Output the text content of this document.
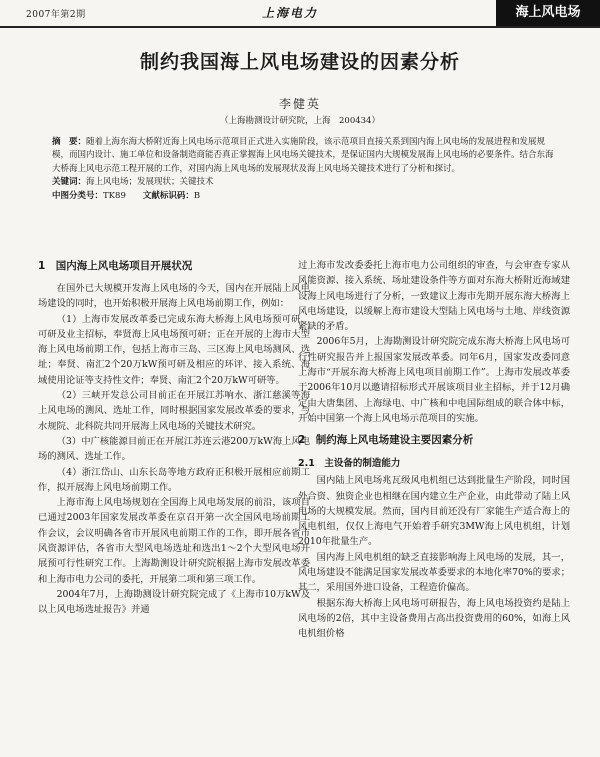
2007年第2期	上海电力	海上风电场
制约我国海上风电场建设的因素分析
李健英
（上海勘测设计研究院，上海　200434）
摘　要：随着上海东海大桥附近海上风电场示范项目正式进入实施阶段，该示范项目直接关系到国内海上风电场的发展进程和发展规模，而国内设计、施工单位和设备制造商能否真正掌握海上风电场关键技术，是保证国内大规模发展海上风电场的必要条件。结合东海大桥海上风电示范工程开展的工作，对国内海上风电场的发展现状及海上风电场关键技术进行了分析和探讨。
关键词：海上风电场；发展现状；关键技术
中图分类号：TK89　　 文献标识码：B
1　国内海上风电场项目开展状况

在国外已大规模开发海上风电场的今天，国内在开展陆上风电场建设的同时，也开始积极开展海上风电场前期工作，例如：

（1）上海市发展改革委已完成东海大桥海上风电场预可研、可研及业主招标，奉贤海上风电场预可研；正在开展的上海市大型海上风电场前期工作，包括上海市三岛、三区海上风电场测风、选址；奉贤、南汇2个20万kW预可研及相应的环评、接入系统、海域使用论证等支持性文件；奉贤、南汇2个20万kW可研等。

（2）三峡开发总公司目前正在开展江苏响水、浙江慈溪等海上风电场的测风、选址工作，同时根据国家发展改革委的要求，与水规院、北科院共同开展海上风电场的关键技术研究。

（3）中广核能源目前正在开展江苏连云港200万kW海上风电场的测风、选址工作。

（4）浙江岱山、山东长岛等地方政府正积极开展相应前期工作，拟开展海上风电场前期工作。

上海市海上风电场规划在全国海上风电场发展的前沿，该项目已通过2003年国家发展改革委在京召开第一次全国风电场前期工作会议，会议明确各省市开展风电前期工作的工作，即开展各省市风资源评估，各省市大型风电场选址和选出1～2个大型风电场开展预可行性研究工作。上海勘测设计研究院根据上海市发展改革委和上海市电力公司的委托，开展第二项和第三项工作。

2004年7月，上海勘测设计研究院完成了《上海市10万kW及以上风电场选址报告》并通

过上海市发改委委托上海市电力公司组织的审查，与会审查专家从风能资源、接入系统、场址建设条件等方面对东海大桥附近海域建设海上风电场进行了分析，一致建议上海市先期开展东海大桥海上风电场建设，以缓解上海市建设大型陆上风电场与土地、岸线资源紧缺的矛盾。

2006年5月，上海勘测设计研究院完成东海大桥海上风电场可行性研究报告并上报国家发展改革委。同年6月，国家发改委同意上海市“开展东海大桥海上风电项目前期工作”。上海市发展改革委于2006年10月以邀请招标形式开展该项目业主招标，并于12月确定由大唐集团、上海绿电、中广核和中电国际组成的联合体中标，开始中国第一个海上风电场示范项目的实施。

2　制约海上风电场建设主要因素分析
2.1　主设备的制造能力

国内陆上风电场兆瓦级风电机组已达到批量生产阶段，同时国外合资、独资企业也相继在国内建立生产企业，由此带动了陆上风电场的大规模发展。然而，国内目前还没有厂家能生产适合海上的风电机组，仅仅上海电气开始着手研究3MW海上风电机组，计划2010年批量生产。

国内海上风电机组的缺乏直接影响海上风电场的发展，其一，风电场建设不能满足国家发展改革委要求的本地化率70%的要求；其二，采用国外进口设备，工程造价偏高。

根据东海大桥海上风电场可研报告，海上风电场投资约是陆上风电场的2倍，其中主设备费用占高出投资费用的60%，如海上风电机组价格
